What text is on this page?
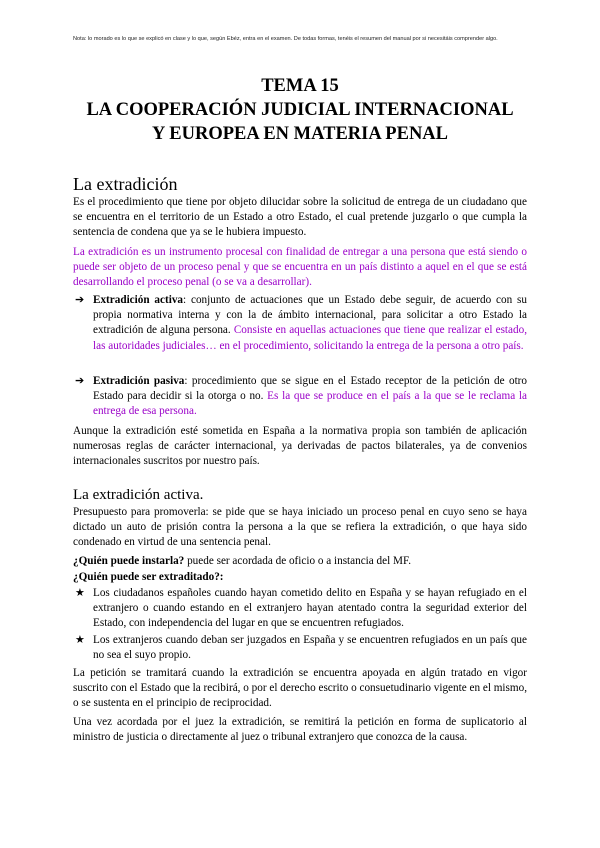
Nota: lo morado es lo que se explicó en clase y lo que, según Ebéz, entra en el examen. De todas formas, tenéis el resumen del manual por si necesitáis comprender algo.
TEMA 15
LA COOPERACIÓN JUDICIAL INTERNACIONAL
Y EUROPEA EN MATERIA PENAL
La extradición
Es el procedimiento que tiene por objeto dilucidar sobre la solicitud de entrega de un ciudadano que se encuentra en el territorio de un Estado a otro Estado, el cual pretende juzgarlo o que cumpla la sentencia de condena que ya se le hubiera impuesto.
La extradición es un instrumento procesal con finalidad de entregar a una persona que está siendo o puede ser objeto de un proceso penal y que se encuentra en un país distinto a aquel en el que se está desarrollando el proceso penal (o se va a desarrollar).
➔ Extradición activa: conjunto de actuaciones que un Estado debe seguir, de acuerdo con su propia normativa interna y con la de ámbito internacional, para solicitar a otro Estado la extradición de alguna persona. Consiste en aquellas actuaciones que tiene que realizar el estado, las autoridades judiciales… en el procedimiento, solicitando la entrega de la persona a otro país.
➔ Extradición pasiva: procedimiento que se sigue en el Estado receptor de la petición de otro Estado para decidir si la otorga o no. Es la que se produce en el país a la que se le reclama la entrega de esa persona.
Aunque la extradición esté sometida en España a la normativa propia son también de aplicación numerosas reglas de carácter internacional, ya derivadas de pactos bilaterales, ya de convenios internacionales suscritos por nuestro país.
La extradición activa.
Presupuesto para promoverla: se pide que se haya iniciado un proceso penal en cuyo seno se haya dictado un auto de prisión contra la persona a la que se refiera la extradición, o que haya sido condenado en virtud de una sentencia penal.
¿Quién puede instarla? puede ser acordada de oficio o a instancia del MF.
¿Quién puede ser extraditado?:
★ Los ciudadanos españoles cuando hayan cometido delito en España y se hayan refugiado en el extranjero o cuando estando en el extranjero hayan atentado contra la seguridad exterior del Estado, con independencia del lugar en que se encuentren refugiados.
★ Los extranjeros cuando deban ser juzgados en España y se encuentren refugiados en un país que no sea el suyo propio.
La petición se tramitará cuando la extradición se encuentra apoyada en algún tratado en vigor suscrito con el Estado que la recibirá, o por el derecho escrito o consuetudinario vigente en el mismo, o se sustenta en el principio de reciprocidad.
Una vez acordada por el juez la extradición, se remitirá la petición en forma de suplicatorio al ministro de justicia o directamente al juez o tribunal extranjero que conozca de la causa.
